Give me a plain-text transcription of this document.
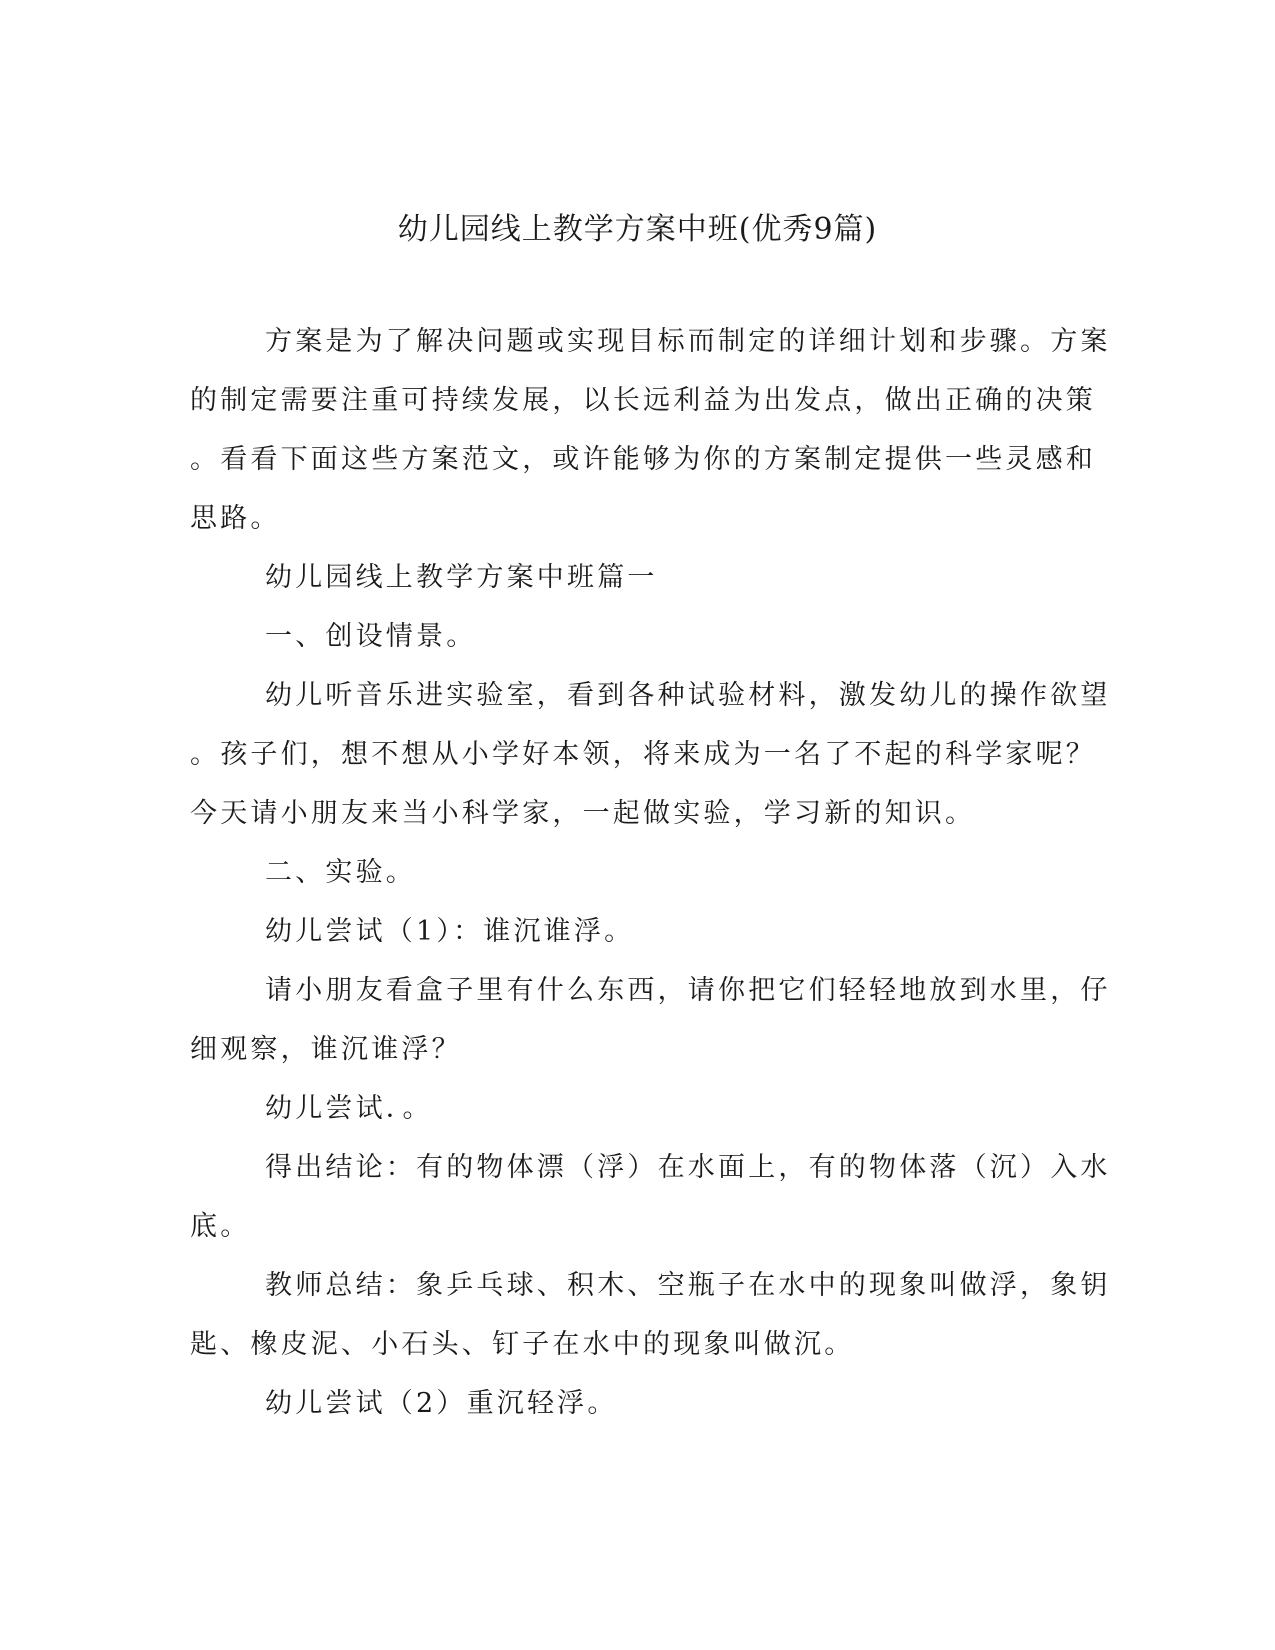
幼儿园线上教学方案中班(优秀9篇)
方案是为了解决问题或实现目标而制定的详细计划和步骤。方案
的制定需要注重可持续发展，以长远利益为出发点，做出正确的决策
。看看下面这些方案范文，或许能够为你的方案制定提供一些灵感和
思路。
幼儿园线上教学方案中班篇一
一、创设情景。
幼儿听音乐进实验室，看到各种试验材料，激发幼儿的操作欲望
。孩子们，想不想从小学好本领，将来成为一名了不起的科学家呢？
今天请小朋友来当小科学家，一起做实验，学习新的知识。
二、实验。
幼儿尝试（1）：谁沉谁浮。
请小朋友看盒子里有什么东西，请你把它们轻轻地放到水里，仔
细观察，谁沉谁浮？
幼儿尝试．。
得出结论：有的物体漂（浮）在水面上，有的物体落（沉）入水
底。
教师总结：象乒乓球、积木、空瓶子在水中的现象叫做浮，象钥
匙、橡皮泥、小石头、钉子在水中的现象叫做沉。
幼儿尝试（2）重沉轻浮。
